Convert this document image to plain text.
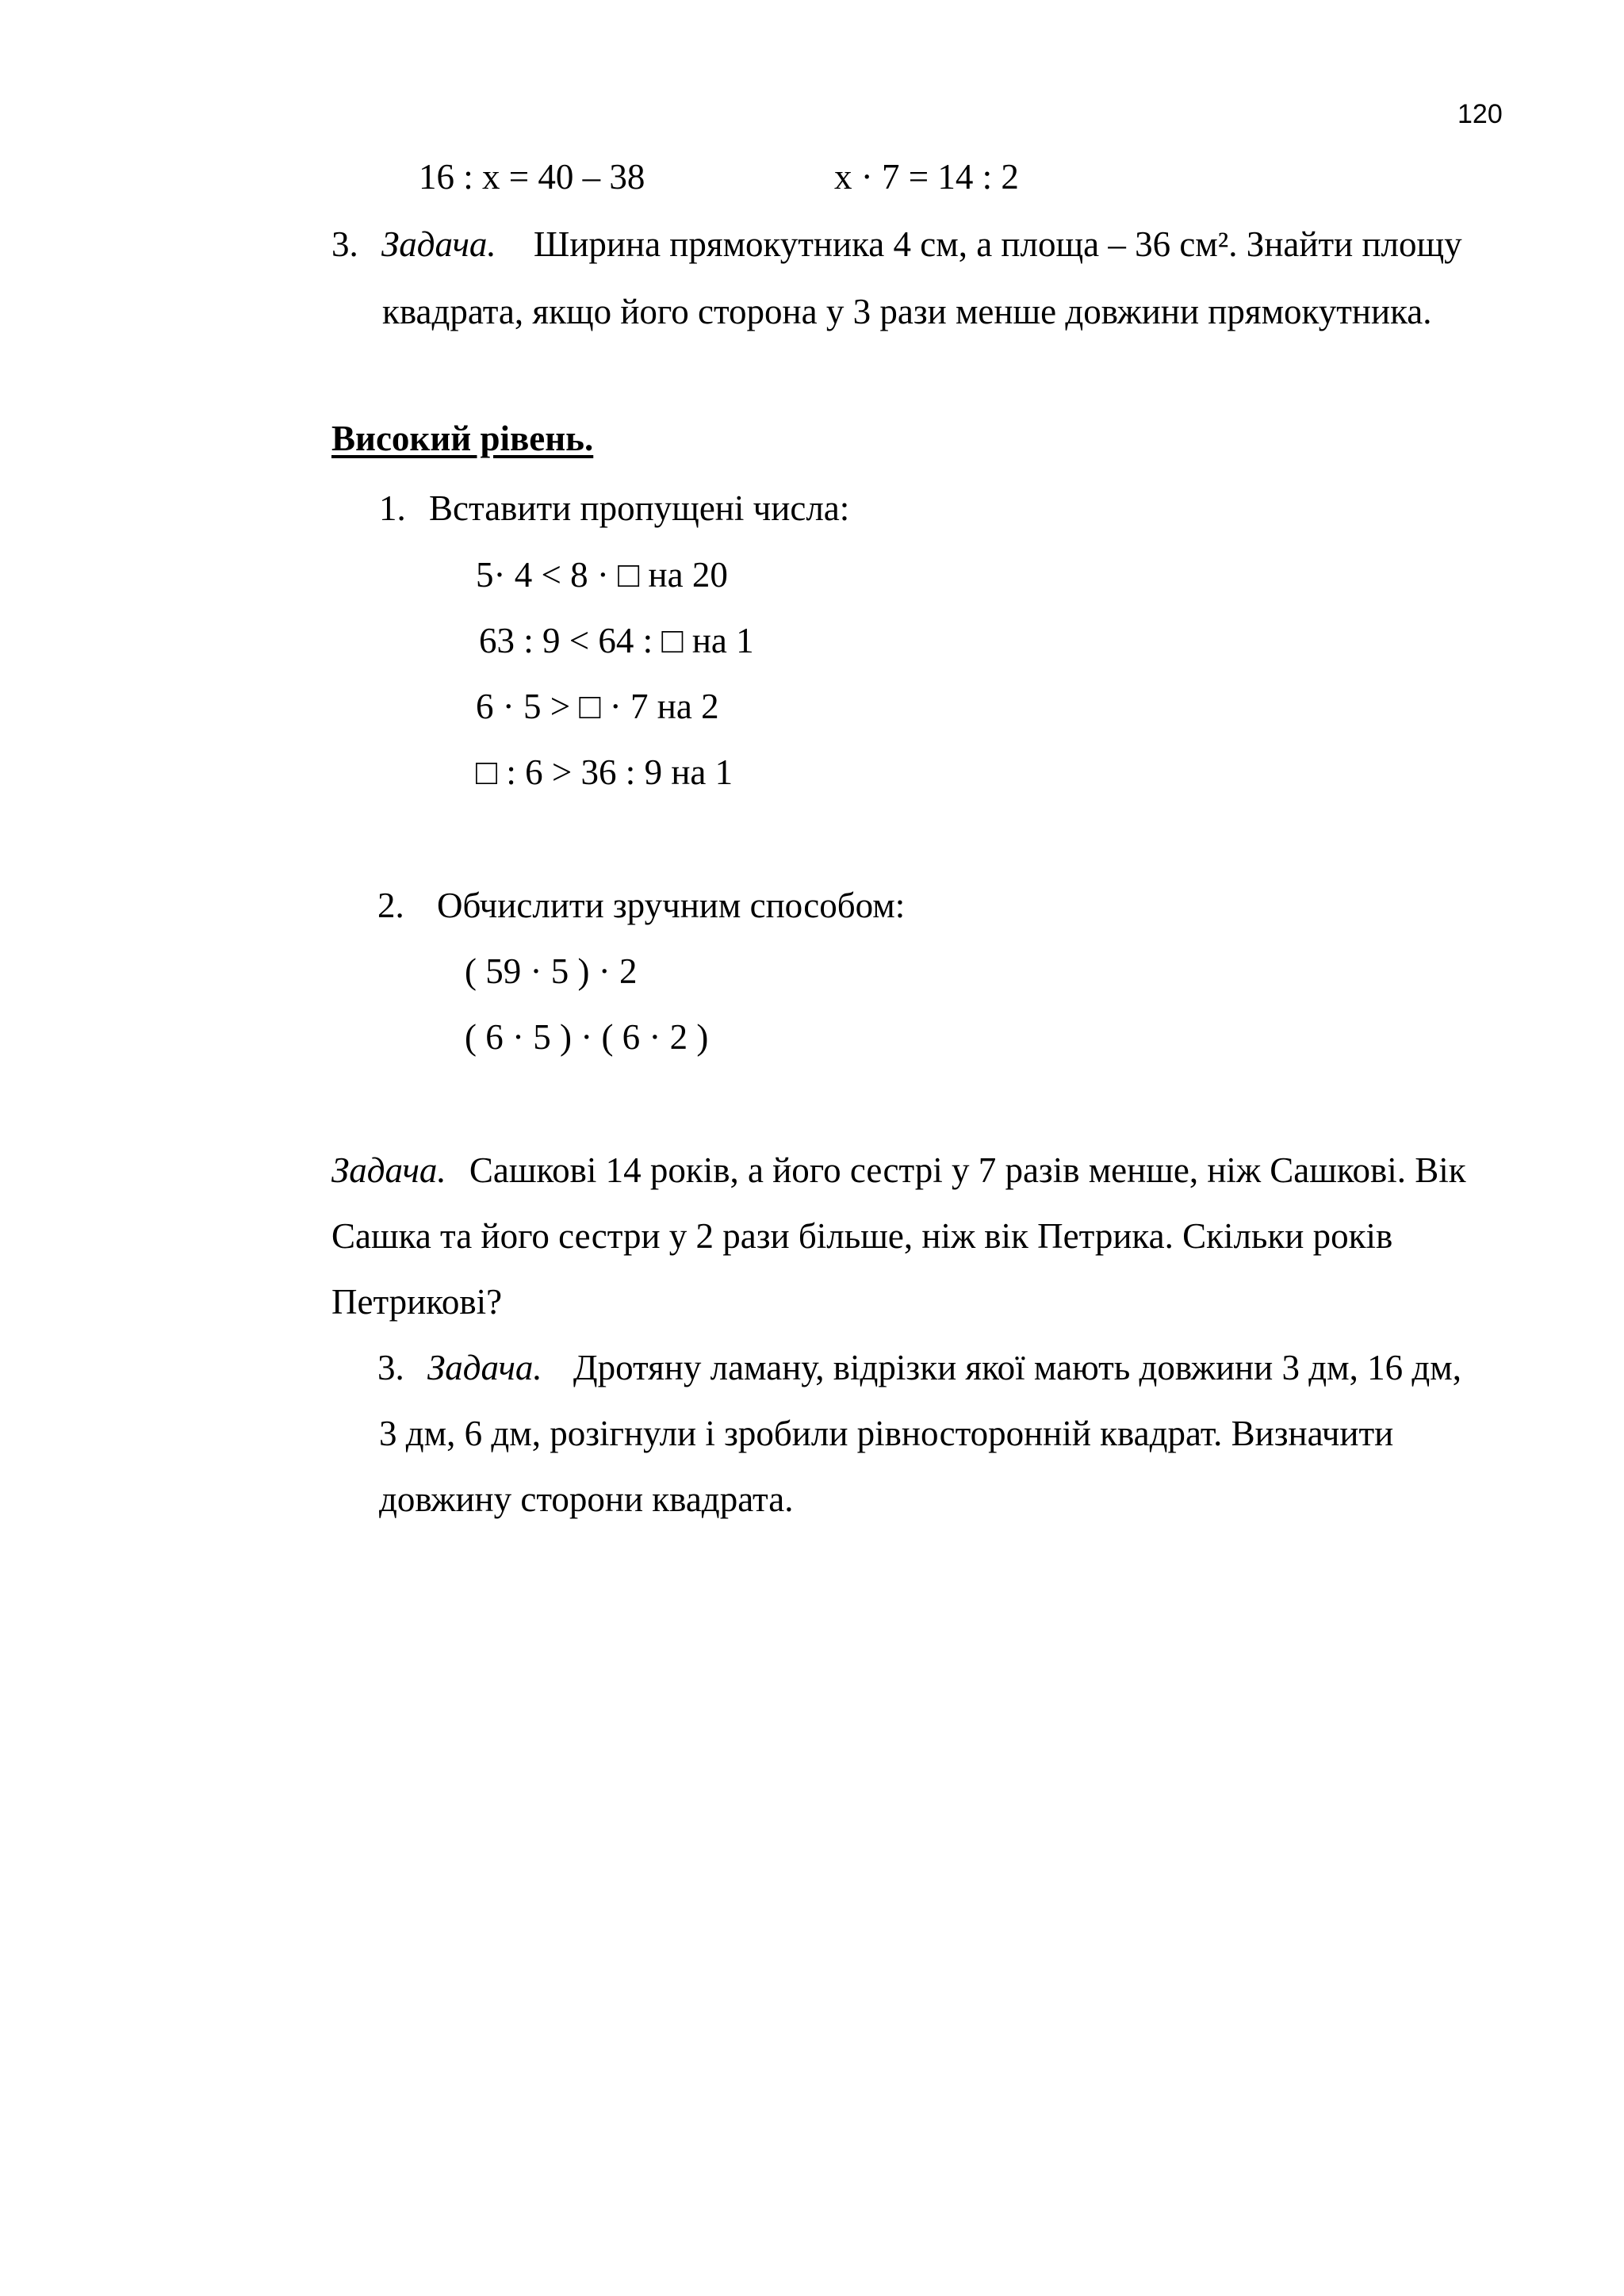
120
16 : х = 40 – 38	х · 7 = 14 : 2
3. Задача. Ширина прямокутника 4 см, а площа – 36 см². Знайти площу
квадрата, якщо його сторона у 3 рази менше довжини прямокутника.
Високий рівень.
1. Вставити пропущені числа:
5· 4 < 8 · □ на 20
63 : 9 < 64 : □ на 1
6 · 5 > □ · 7 на 2
□ : 6 > 36 : 9 на 1
2. Обчислити зручним способом:
( 59 · 5 ) · 2
( 6 · 5 ) · ( 6 · 2 )
Задача. Сашкові 14 років, а його сестрі у 7 разів менше, ніж Сашкові. Вік
Сашка та його сестри у 2 рази більше, ніж вік Петрика. Скільки років
Петрикові?
3. Задача. Дротяну ламану, відрізки якої мають довжини 3 дм, 16 дм,
3 дм, 6 дм, розігнули і зробили рівносторонній квадрат. Визначити
довжину сторони квадрата.
